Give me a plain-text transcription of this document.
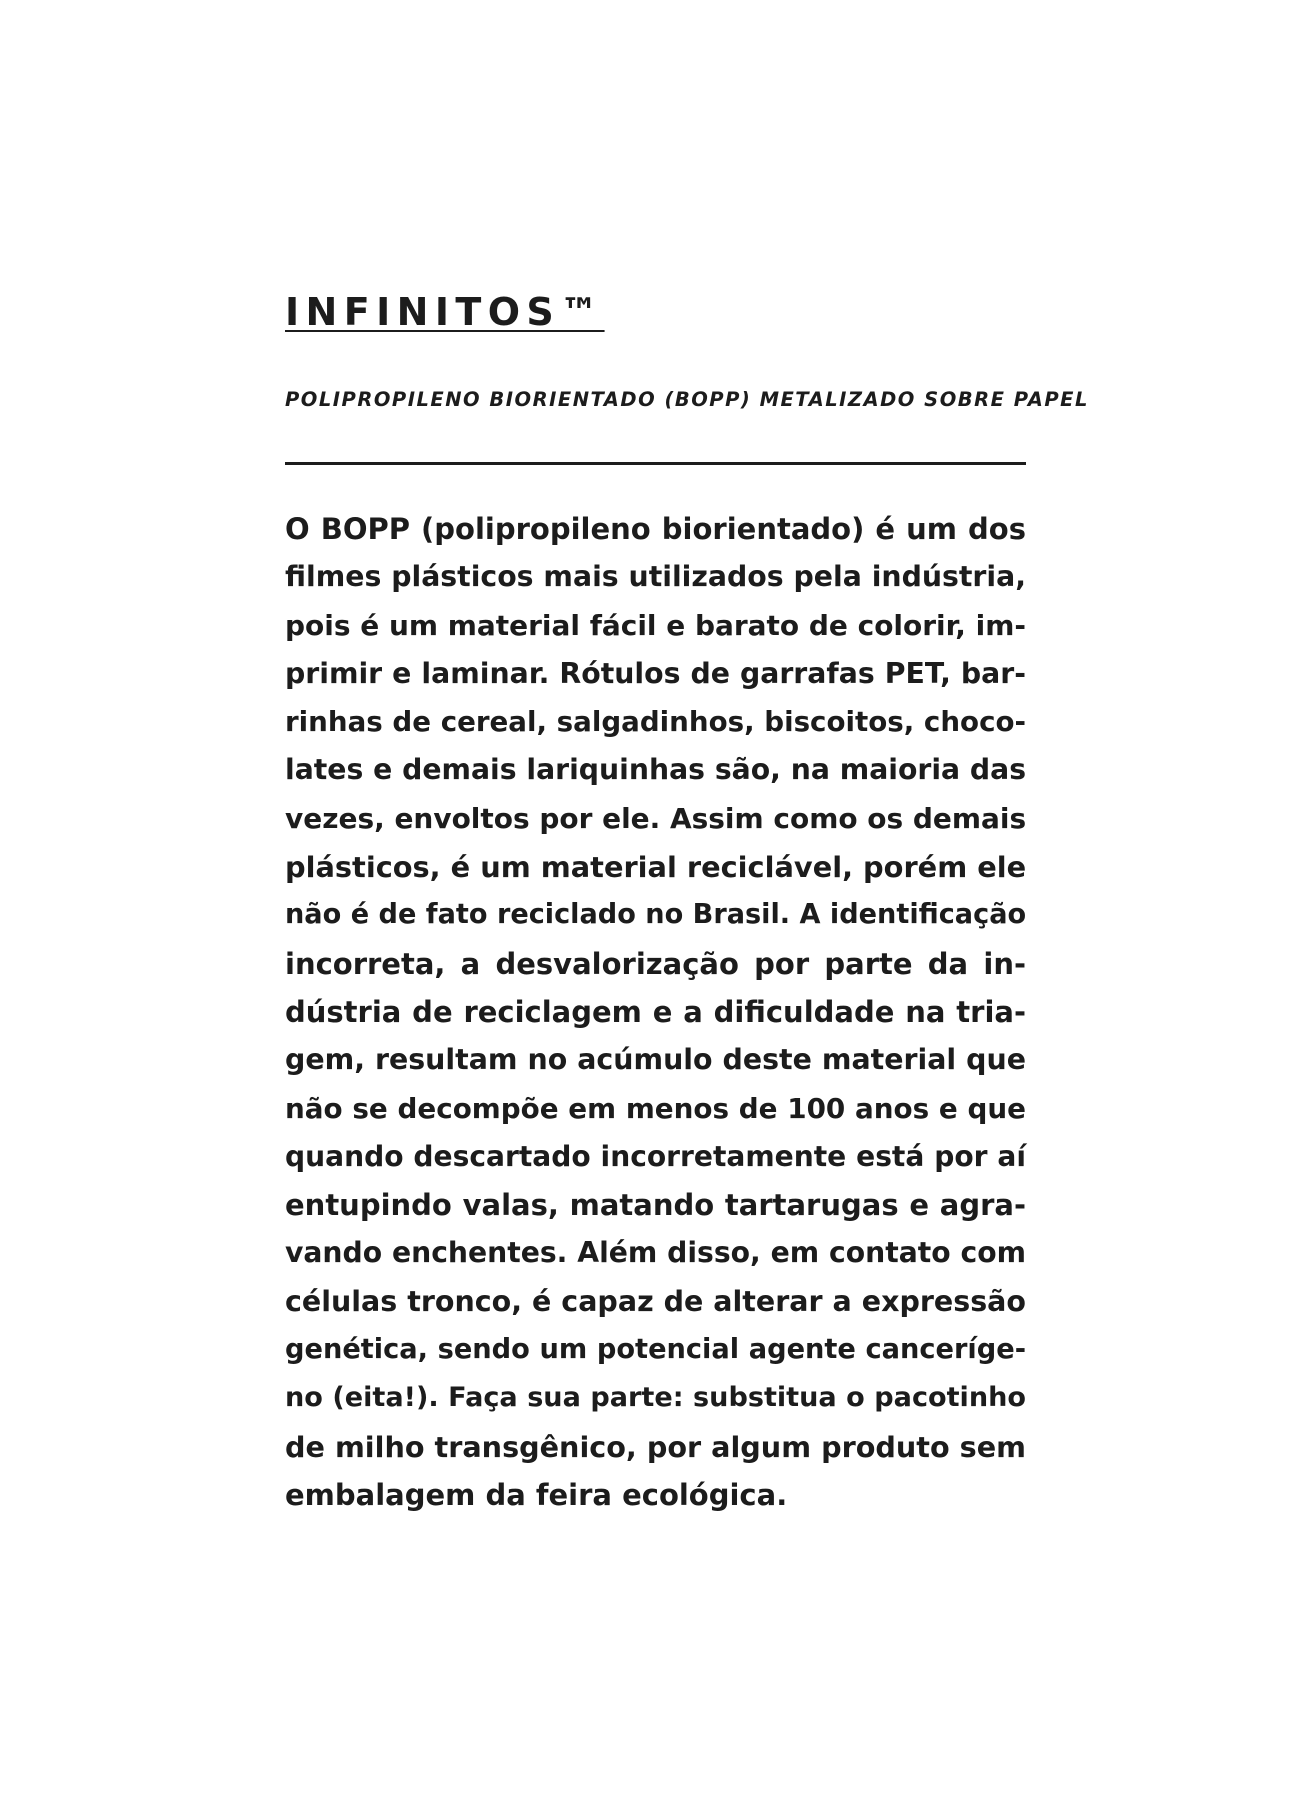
INFINITOS™

POLIPROPILENO BIORIENTADO (BOPP) METALIZADO SOBRE PAPEL

O BOPP (polipropileno biorientado) é um dos
filmes plásticos mais utilizados pela indústria,
pois é um material fácil e barato de colorir, im-
primir e laminar. Rótulos de garrafas PET, bar-
rinhas de cereal, salgadinhos, biscoitos, choco-
lates e demais lariquinhas são, na maioria das
vezes, envoltos por ele. Assim como os demais
plásticos, é um material reciclável, porém ele
não é de fato reciclado no Brasil. A identificação
incorreta, a desvalorização por parte da in-
dústria de reciclagem e a dificuldade na tria-
gem, resultam no acúmulo deste material que
não se decompõe em menos de 100 anos e que
quando descartado incorretamente está por aí
entupindo valas, matando tartarugas e agra-
vando enchentes. Além disso, em contato com
células tronco, é capaz de alterar a expressão
genética, sendo um potencial agente canceríge-
no (eita!). Faça sua parte: substitua o pacotinho
de milho transgênico, por algum produto sem
embalagem da feira ecológica.
